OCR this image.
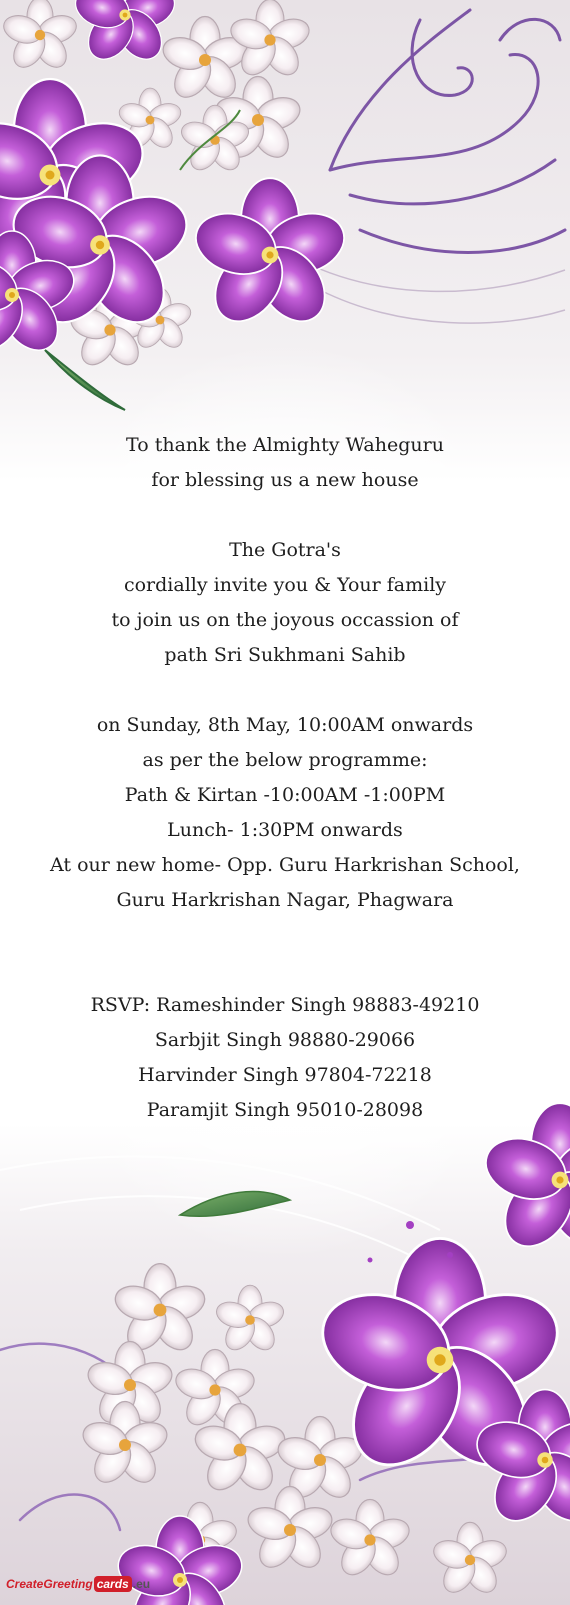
To thank the Almighty Waheguru
for blessing us a new house
The Gotra's
cordially invite you & Your family
to join us on the joyous occassion of
path Sri Sukhmani Sahib
on Sunday, 8th May, 10:00AM onwards
as per the below programme:
Path & Kirtan -10:00AM -1:00PM
Lunch- 1:30PM onwards
At our new home- Opp. Guru Harkrishan School,
Guru Harkrishan Nagar, Phagwara
RSVP: Rameshinder Singh 98883-49210
Sarbjit Singh 98880-29066
Harvinder Singh 97804-72218
Paramjit Singh 95010-28098
CreateGreeting cards .eu
